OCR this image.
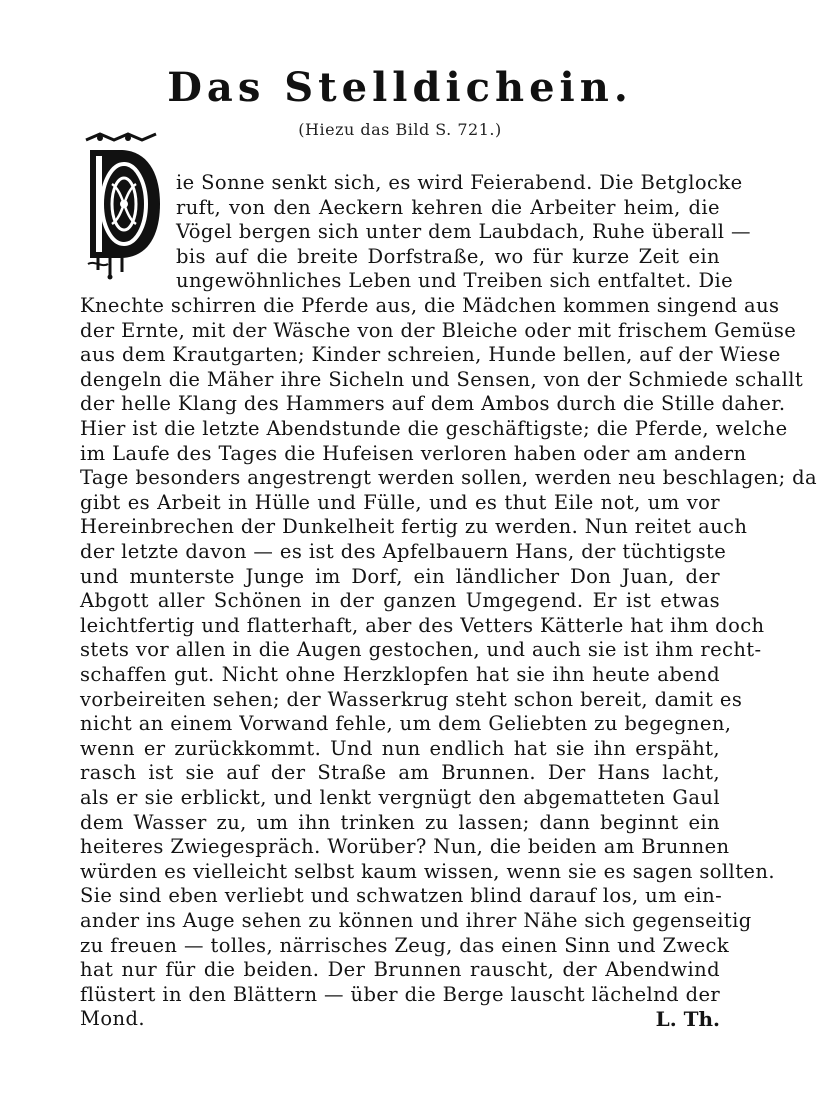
Das Stelldichein.
(Hiezu das Bild S. 721.)
ie Sonne senkt sich, es wird Feierabend. Die Betglocke
ruft, von den Aeckern kehren die Arbeiter heim, die
Vögel bergen sich unter dem Laubdach, Ruhe überall —
bis auf die breite Dorfstraße, wo für kurze Zeit ein
ungewöhnliches Leben und Treiben sich entfaltet. Die
Knechte schirren die Pferde aus, die Mädchen kommen singend aus
der Ernte, mit der Wäsche von der Bleiche oder mit frischem Gemüse
aus dem Krautgarten; Kinder schreien, Hunde bellen, auf der Wiese
dengeln die Mäher ihre Sicheln und Sensen, von der Schmiede schallt
der helle Klang des Hammers auf dem Ambos durch die Stille daher.
Hier ist die letzte Abendstunde die geschäftigste; die Pferde, welche
im Laufe des Tages die Hufeisen verloren haben oder am andern
Tage besonders angestrengt werden sollen, werden neu beschlagen; da
gibt es Arbeit in Hülle und Fülle, und es thut Eile not, um vor
Hereinbrechen der Dunkelheit fertig zu werden. Nun reitet auch
der letzte davon — es ist des Apfelbauern Hans, der tüchtigste
und munterste Junge im Dorf, ein ländlicher Don Juan, der
Abgott aller Schönen in der ganzen Umgegend. Er ist etwas
leichtfertig und flatterhaft, aber des Vetters Kätterle hat ihm doch
stets vor allen in die Augen gestochen, und auch sie ist ihm recht-
schaffen gut. Nicht ohne Herzklopfen hat sie ihn heute abend
vorbeireiten sehen; der Wasserkrug steht schon bereit, damit es
nicht an einem Vorwand fehle, um dem Geliebten zu begegnen,
wenn er zurückkommt. Und nun endlich hat sie ihn erspäht,
rasch ist sie auf der Straße am Brunnen. Der Hans lacht,
als er sie erblickt, und lenkt vergnügt den abgematteten Gaul
dem Wasser zu, um ihn trinken zu lassen; dann beginnt ein
heiteres Zwiegespräch. Worüber? Nun, die beiden am Brunnen
würden es vielleicht selbst kaum wissen, wenn sie es sagen sollten.
Sie sind eben verliebt und schwatzen blind darauf los, um ein-
ander ins Auge sehen zu können und ihrer Nähe sich gegenseitig
zu freuen — tolles, närrisches Zeug, das einen Sinn und Zweck
hat nur für die beiden. Der Brunnen rauscht, der Abendwind
flüstert in den Blättern — über die Berge lauscht lächelnd der
Mond.	L. Th.
